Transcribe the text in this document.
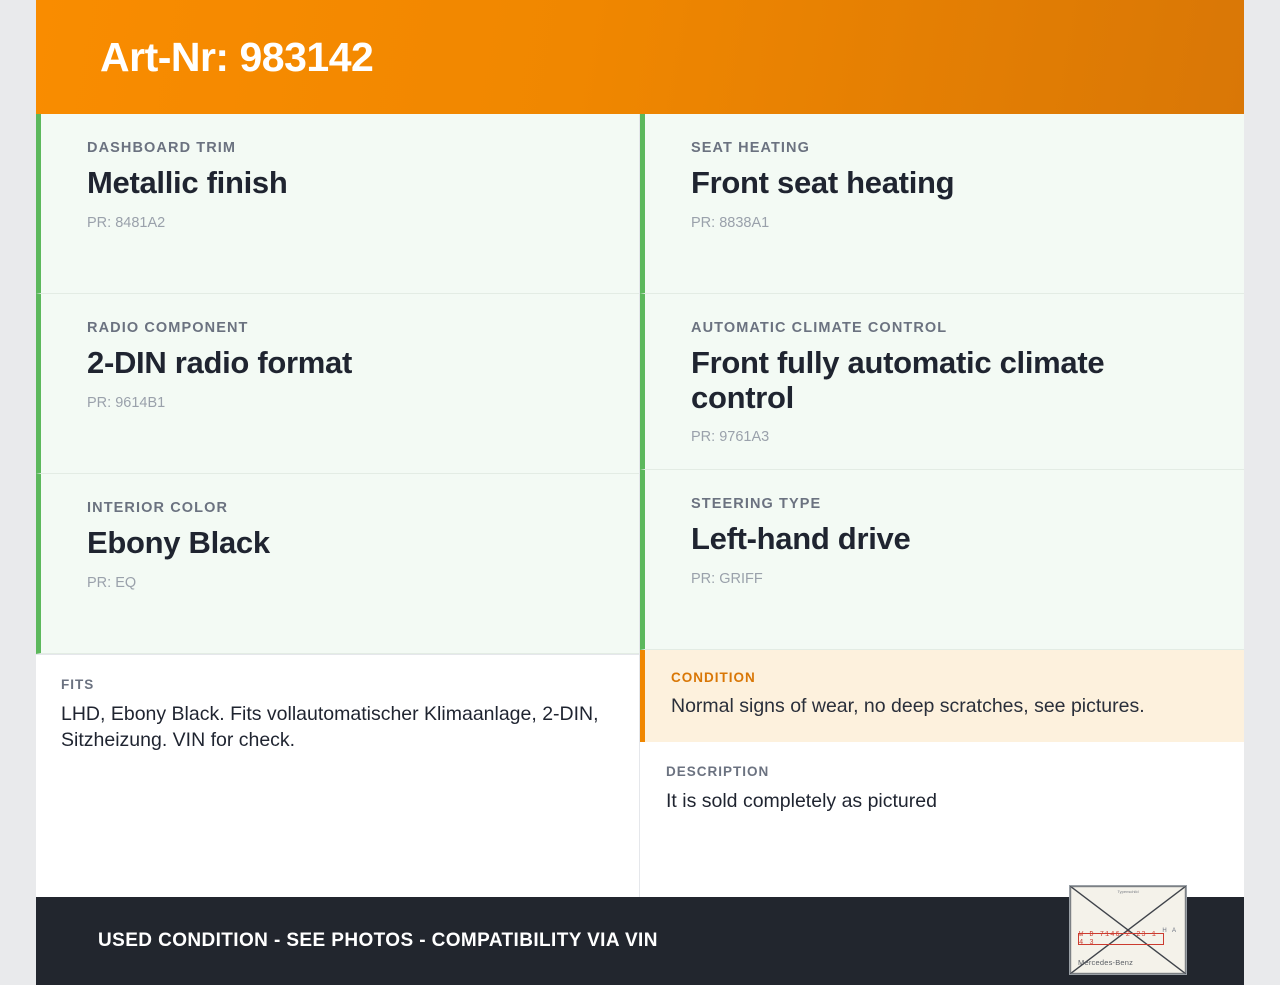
Art-Nr: 983142
DASHBOARD TRIM
Metallic finish
PR: 8481A2
RADIO COMPONENT
2-DIN radio format
PR: 9614B1
INTERIOR COLOR
Ebony Black
PR: EQ
FITS
LHD, Ebony Black. Fits vollautomatischer Klimaanlage, 2-DIN, Sitzheizung. VIN for check.
SEAT HEATING
Front seat heating
PR: 8838A1
AUTOMATIC CLIMATE CONTROL
Front fully automatic climate control
PR: 9761A3
STEERING TYPE
Left-hand drive
PR: GRIFF
CONDITION
Normal signs of wear, no deep scratches, see pictures.
DESCRIPTION
It is sold completely as pictured
USED CONDITION - SEE PHOTOS - COMPATIBILITY VIA VIN
Typenschild
H A
W D 7146 2 23 1 4 3
Mercedes-Benz
